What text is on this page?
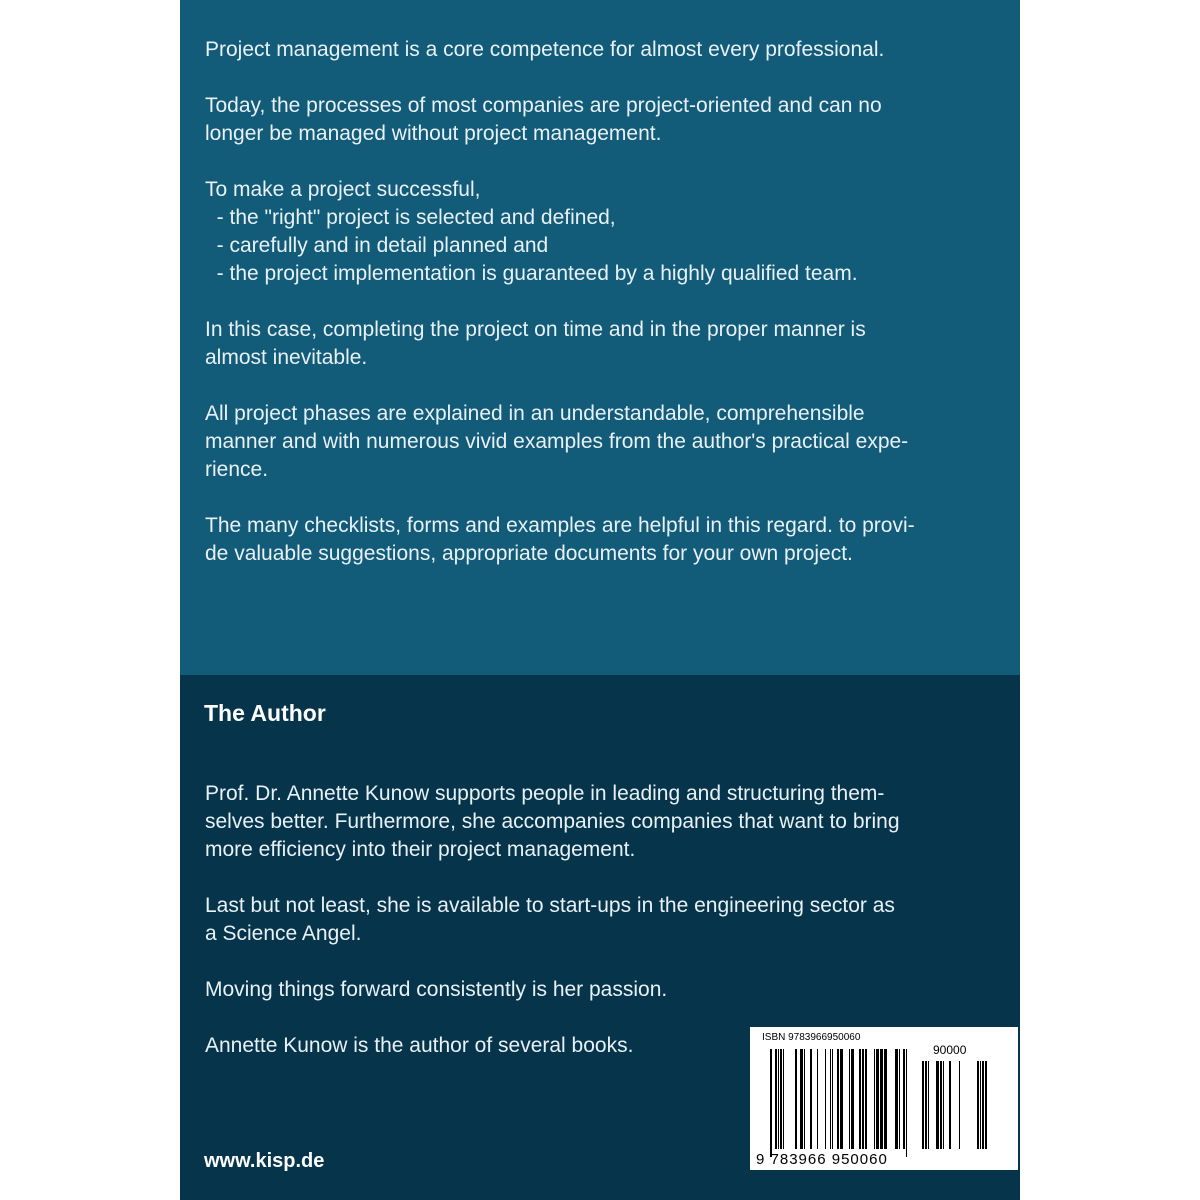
Project management is a core competence for almost every professional.
Today, the processes of most companies are project-oriented and can no
longer be managed without project management.
To make a project successful,
- the "right" project is selected and defined,
- carefully and in detail planned and
- the project implementation is guaranteed by a highly qualified team.
In this case, completing the project on time and in the proper manner is
almost inevitable.
All project phases are explained in an understandable, comprehensible
manner and with numerous vivid examples from the author's practical expe-
rience.
The many checklists, forms and examples are helpful in this regard. to provi-
de valuable suggestions, appropriate documents for your own project.
The Author
Prof. Dr. Annette Kunow supports people in leading and structuring them-
selves better. Furthermore, she accompanies companies that want to bring
more efficiency into their project management.
Last but not least, she is available to start-ups in the engineering sector as
a Science Angel.
Moving things forward consistently is her passion.
Annette Kunow is the author of several books.
www.kisp.de
ISBN 9783966950060
90000
9 783966 950060
